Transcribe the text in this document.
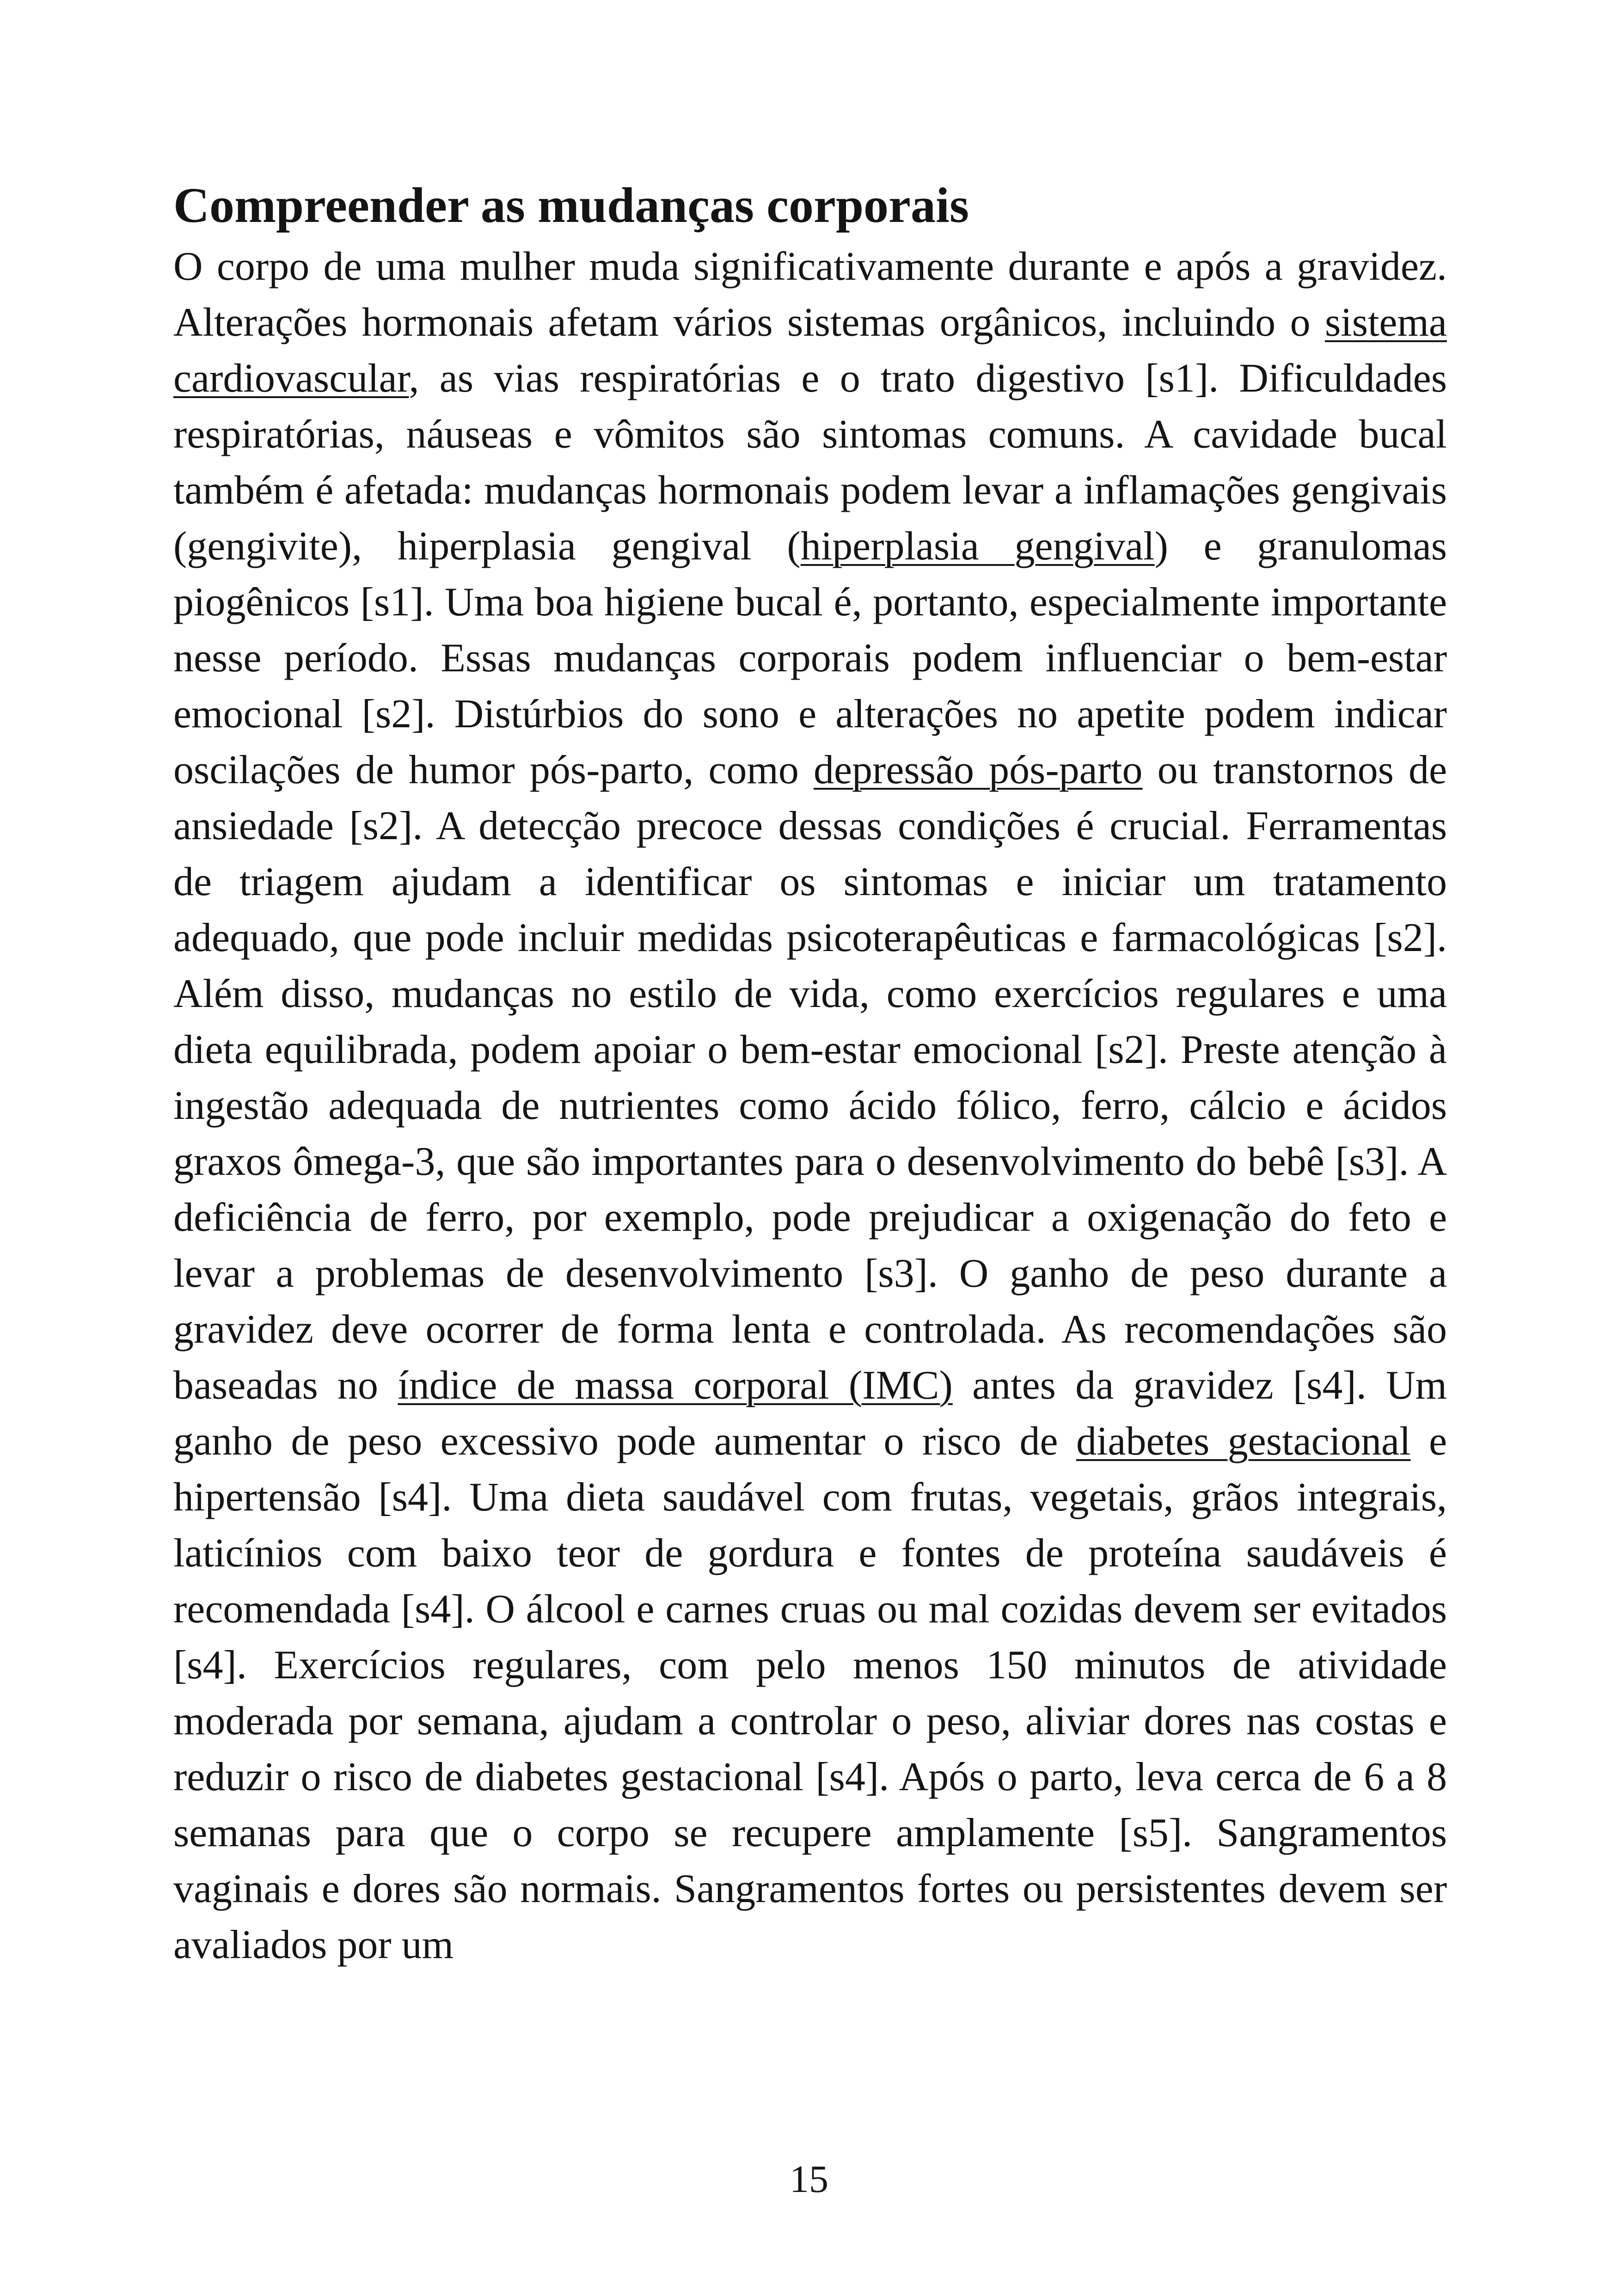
Compreender as mudanças corporais

O corpo de uma mulher muda significativamente durante e após a gravidez. Alterações hormonais afetam vários sistemas orgânicos, incluindo o sistema cardiovascular, as vias respiratórias e o trato digestivo [s1]. Dificuldades respiratórias, náuseas e vômitos são sintomas comuns. A cavidade bucal também é afetada: mudanças hormonais podem levar a inflamações gengivais (gengivite), hiperplasia gengival (hiperplasia gengival) e granulomas piogênicos [s1]. Uma boa higiene bucal é, portanto, especialmente importante nesse período. Essas mudanças corporais podem influenciar o bem-estar emocional [s2]. Distúrbios do sono e alterações no apetite podem indicar oscilações de humor pós-parto, como depressão pós-parto ou transtornos de ansiedade [s2]. A detecção precoce dessas condições é crucial. Ferramentas de triagem ajudam a identificar os sintomas e iniciar um tratamento adequado, que pode incluir medidas psicoterapêuticas e farmacológicas [s2]. Além disso, mudanças no estilo de vida, como exercícios regulares e uma dieta equilibrada, podem apoiar o bem-estar emocional [s2]. Preste atenção à ingestão adequada de nutrientes como ácido fólico, ferro, cálcio e ácidos graxos ômega-3, que são importantes para o desenvolvimento do bebê [s3]. A deficiência de ferro, por exemplo, pode prejudicar a oxigenação do feto e levar a problemas de desenvolvimento [s3]. O ganho de peso durante a gravidez deve ocorrer de forma lenta e controlada. As recomendações são baseadas no índice de massa corporal (IMC) antes da gravidez [s4]. Um ganho de peso excessivo pode aumentar o risco de diabetes gestacional e hipertensão [s4]. Uma dieta saudável com frutas, vegetais, grãos integrais, laticínios com baixo teor de gordura e fontes de proteína saudáveis é recomendada [s4]. O álcool e carnes cruas ou mal cozidas devem ser evitados [s4]. Exercícios regulares, com pelo menos 150 minutos de atividade moderada por semana, ajudam a controlar o peso, aliviar dores nas costas e reduzir o risco de diabetes gestacional [s4]. Após o parto, leva cerca de 6 a 8 semanas para que o corpo se recupere amplamente [s5]. Sangramentos vaginais e dores são normais. Sangramentos fortes ou persistentes devem ser avaliados por um

15
